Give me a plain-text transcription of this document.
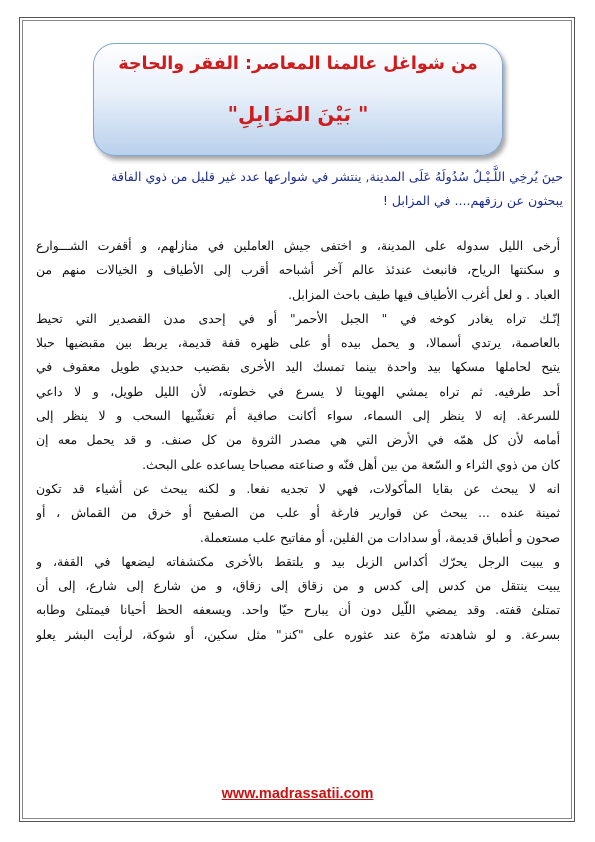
من شواغل عالمنا المعاصر: الفقر والحاجة
" بَيْنَ المَزَابِلِ"
حينَ يُرخِي اللَّـيْـلُ سُدُولَهُ عَلَى المدينة, ينتشر في شوارعها عدد غير قليل من ذوي الفاقة
يبحثون عن رزقهم.... في المزابل !

أرخى الليل سدوله على المدينة، و اختفى جيش العاملين في منازلهم، و أقفرت الشـــوارع
و سكنتها الرياح، فانبعث عندئذ عالم آخر أشباحه أقرب إلى الأطياف و الخيالات منهم من
العباد . و لعل أغرب الأطياف فيها طيف باحث المزابل.

إنّـك تراه يغادر كوخه في " الجبل الأحمر" أو في إحدى مدن القصدير التي تحيط
بالعاصمة، يرتدي أسمالا، و يحمل بيده أو على ظهره قفة قديمة، يربط بين مقبضيها حبلا
يتيح لحاملها مسكها بيد واحدة بينما تمسك اليد الأخرى بقضيب حديدي طويل معقوف في
أحد طرفيه. ثم تراه يمشي الهوينا لا يسرع في خطوته، لأن الليل طويل، و لا داعي
للسرعة. إنه لا ينظر إلى السماء، سواء أكانت صافية أم تغشّيها السحب و لا ينظر إلى
أمامه لأن كل همّه في الأرض التي هي مصدر الثروة من كل صنف. و قد يحمل معه إن
كان من ذوي الثراء و السّعة من بين أهل فنّه و صناعته مصباحا يساعده على البحث.

انه لا يبحث عن بقايا المأكولات، فهي لا تجديه نفعا. و لكنه يبحث عن أشياء قد تكون
ثمينة عنده ... يبحث عن قوارير فارغة أو علب من الصفيح أو خرق من القماش ، أو
صحون و أطباق قديمة، أو سدادات من الفلين، أو مفاتيح علب مستعملة.

و يبيت الرجل يحرّك أكداس الزبل بيد و يلتقط بالأخرى مكتشفاته ليضعها في القفة، و
يبيت ينتقل من كدس إلى كدس و من زقاق إلى زقاق، و من شارع إلى شارع، إلى أن
تمتلئ قفته. وقد يمضي اللّيل دون أن يبارح حيّا واحد. ويسعفه الحظ أحيانا فيمتلئ وطابه
بسرعة. و لو شاهدته مرّة عند عثوره على "كنز" مثل سكين، أو شوكة، لرأيت البشر يعلو

www.madrassatii.com
